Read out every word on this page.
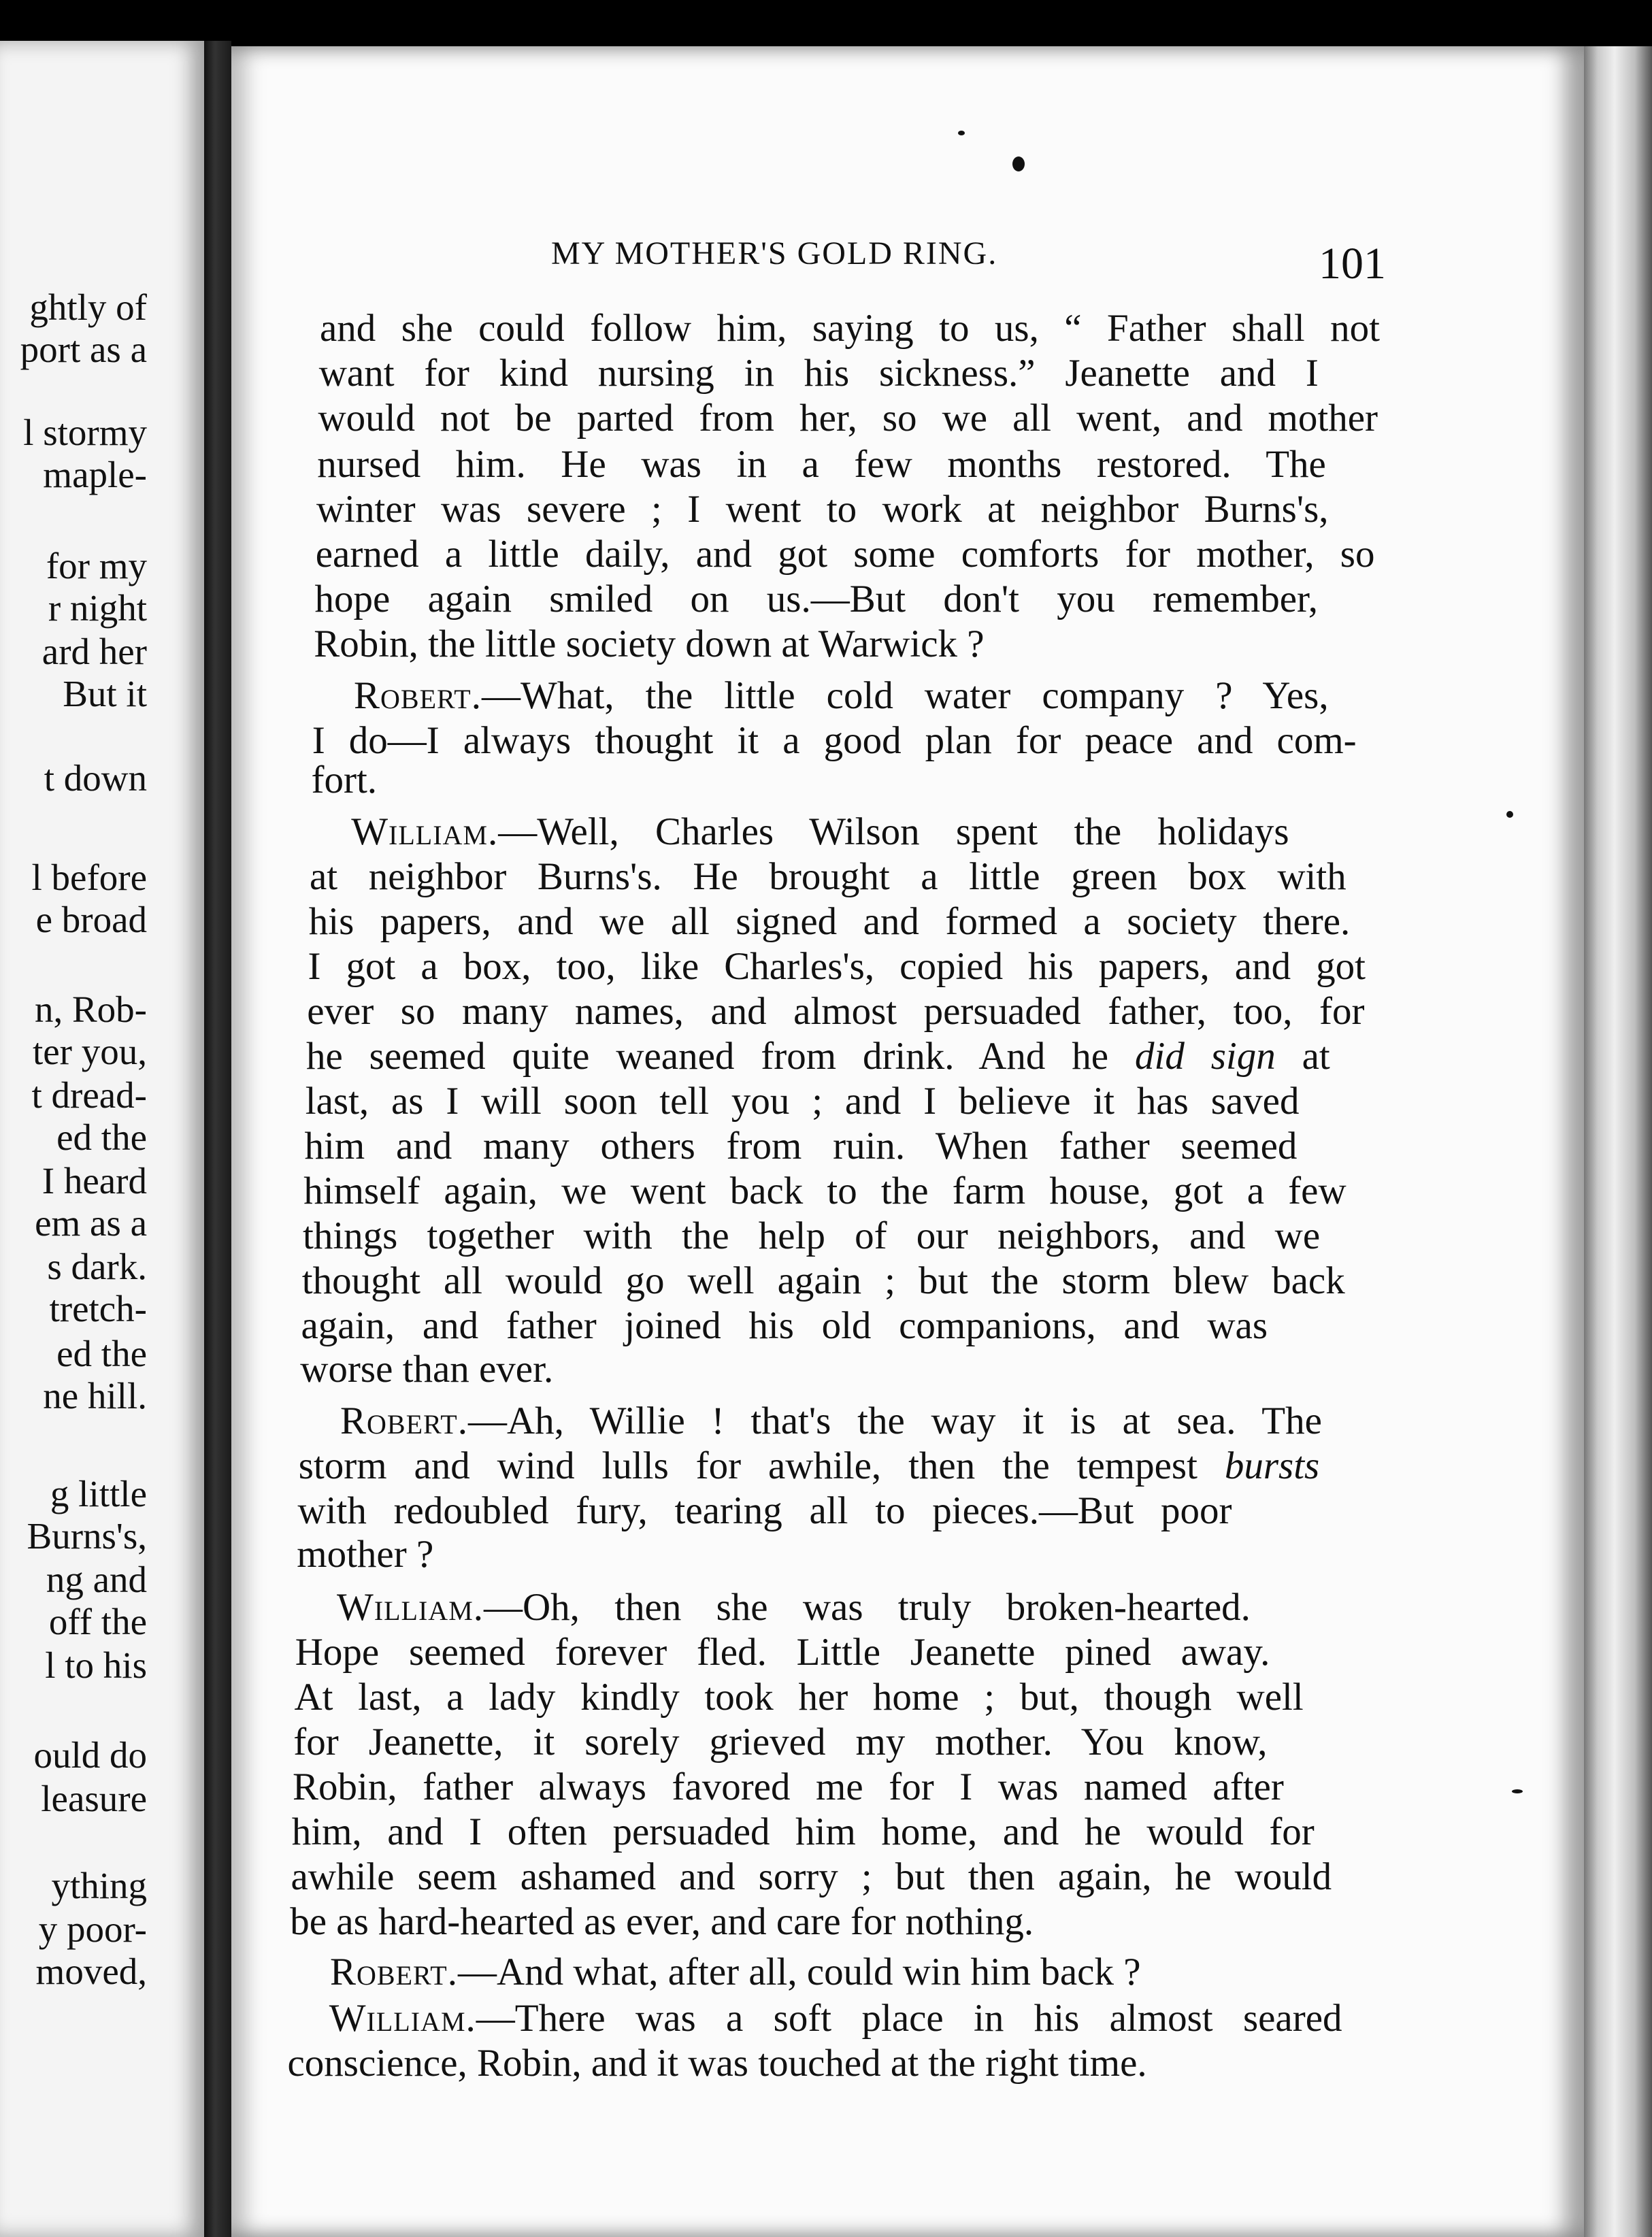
ghtly of
port as a
l stormy
maple-
for my
r night
ard her
But it
t down
l before
e broad
n, Rob-
ter you,
t dread-
ed the
I heard
em as a
s dark.
tretch-
ed the
ne hill.
g little
Burns's,
ng and
off the
l to his
ould do
leasure
ything
y poor-
moved,
MY MOTHER'S GOLD RING.	101
and she could follow him, saying to us, “ Father shall not
want for kind nursing in his sickness.” Jeanette and I
would not be parted from her, so we all went, and mother
nursed him. He was in a few months restored. The
winter was severe ; I went to work at neighbor Burns's,
earned a little daily, and got some comforts for mother, so
hope again smiled on us.—But don't you remember,
Robin, the little society down at Warwick ?
Robert.—What, the little cold water company ? Yes,
I do—I always thought it a good plan for peace and com-
fort.
William.—Well, Charles Wilson spent the holidays
at neighbor Burns's. He brought a little green box with
his papers, and we all signed and formed a society there.
I got a box, too, like Charles's, copied his papers, and got
ever so many names, and almost persuaded father, too, for
he seemed quite weaned from drink. And he did sign at
last, as I will soon tell you ; and I believe it has saved
him and many others from ruin. When father seemed
himself again, we went back to the farm house, got a few
things together with the help of our neighbors, and we
thought all would go well again ; but the storm blew back
again, and father joined his old companions, and was
worse than ever.
Robert.—Ah, Willie ! that's the way it is at sea. The
storm and wind lulls for awhile, then the tempest bursts
with redoubled fury, tearing all to pieces.—But poor
mother ?
William.—Oh, then she was truly broken-hearted.
Hope seemed forever fled. Little Jeanette pined away.
At last, a lady kindly took her home ; but, though well
for Jeanette, it sorely grieved my mother. You know,
Robin, father always favored me for I was named after
him, and I often persuaded him home, and he would for
awhile seem ashamed and sorry ; but then again, he would
be as hard-hearted as ever, and care for nothing.
Robert.—And what, after all, could win him back ?
William.—There was a soft place in his almost seared
conscience, Robin, and it was touched at the right time.
